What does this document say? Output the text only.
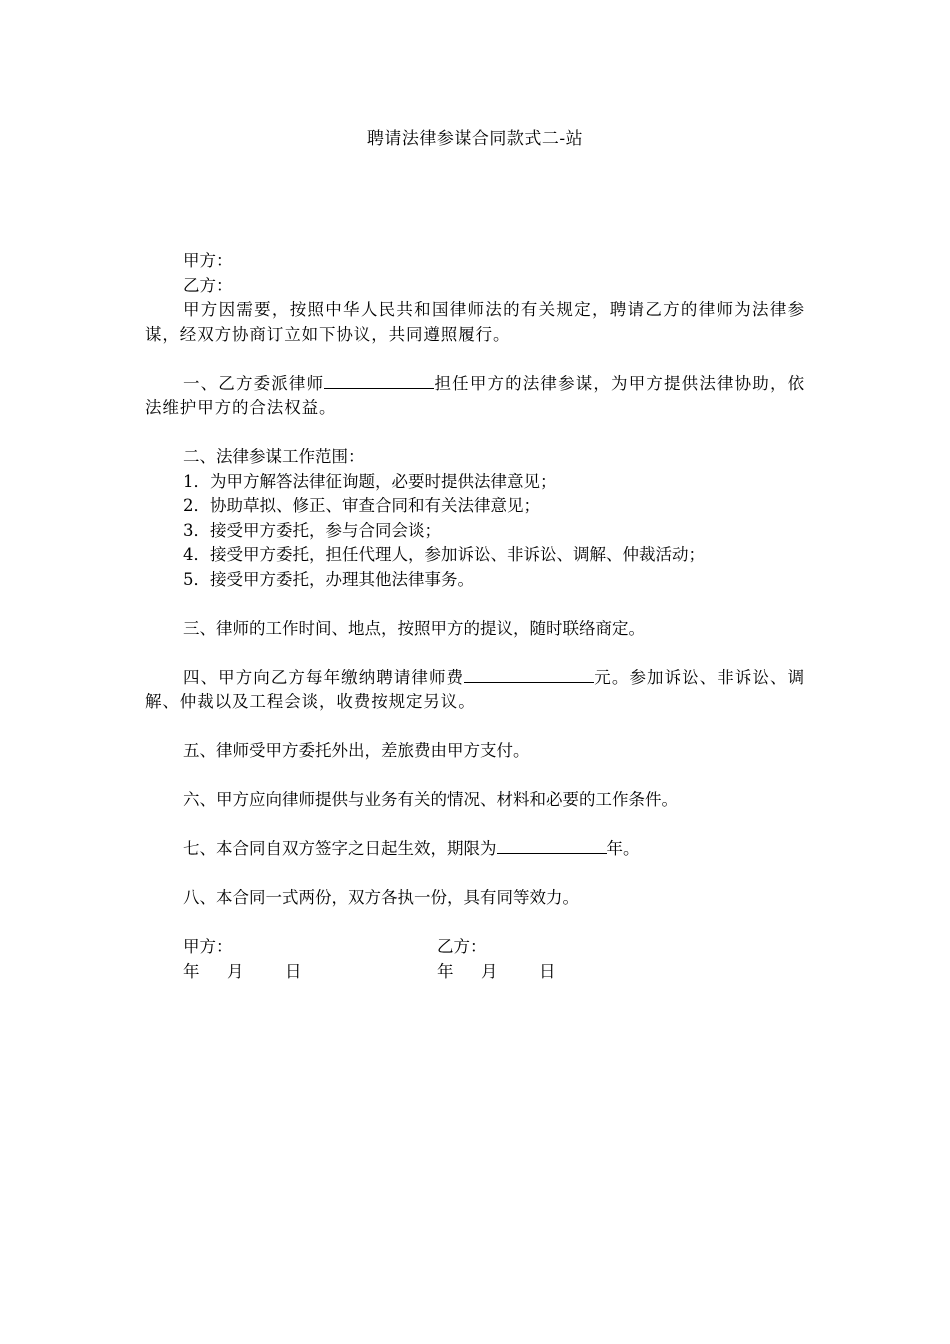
聘请法律参谋合同款式二-站
甲方：
乙方：
甲方因需要，按照中华人民共和国律师法的有关规定，聘请乙方的律师为法律参谋，经双方协商订立如下协议，共同遵照履行。
一、乙方委派律师	担任甲方的法律参谋，为甲方提供法律协助，依法维护甲方的合法权益。
二、法律参谋工作范围：
1．为甲方解答法律征询题，必要时提供法律意见；
2．协助草拟、修正、审查合同和有关法律意见；
3．接受甲方委托，参与合同会谈；
4．接受甲方委托，担任代理人，参加诉讼、非诉讼、调解、仲裁活动；
5．接受甲方委托，办理其他法律事务。
三、律师的工作时间、地点，按照甲方的提议，随时联络商定。
四、甲方向乙方每年缴纳聘请律师费	元。参加诉讼、非诉讼、调解、仲裁以及工程会谈，收费按规定另议。
五、律师受甲方委托外出，差旅费由甲方支付。
六、甲方应向律师提供与业务有关的情况、材料和必要的工作条件。
七、本合同自双方签字之日起生效，期限为	年。
八、本合同一式两份，双方各执一份，具有同等效力。
甲方：	乙方：
年 月	日	年 月	日
